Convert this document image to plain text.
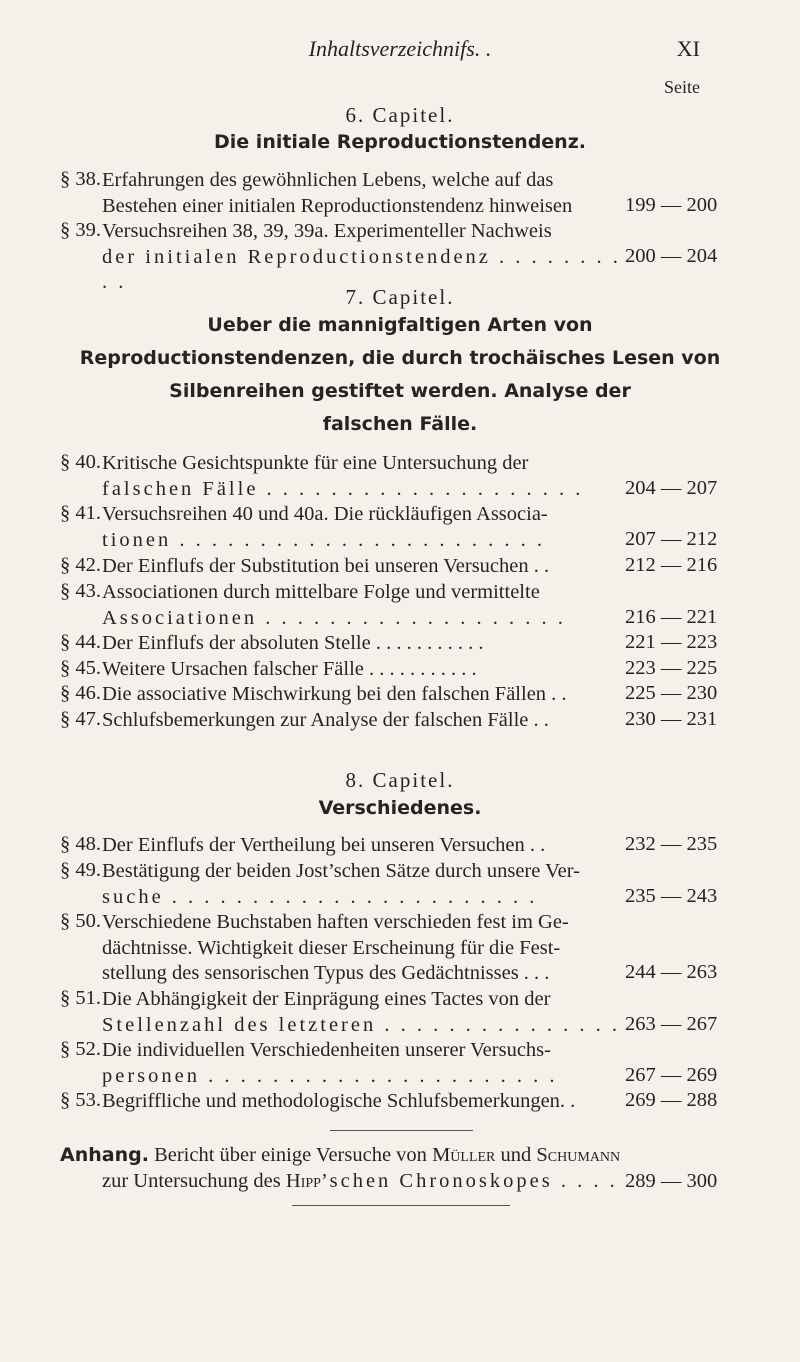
Inhaltsverzeichnifs. .	XI
Seite
6. Capitel.
Die initiale Reproductionstendenz.
§ 38. Erfahrungen des gewöhnlichen Lebens, welche auf das
Bestehen einer initialen Reproductionstendenz hinweisen	199 — 200
§ 39. Versuchsreihen 38, 39, 39a. Experimenteller Nachweis
der initialen Reproductionstendenz . . . . . . . . . .
200 — 204
7. Capitel.
Ueber die mannigfaltigen Arten von
Reproductionstendenzen, die durch trochäisches Lesen von
Silbenreihen gestiftet werden. Analyse der
falschen Fälle.
§ 40. Kritische Gesichtspunkte für eine Untersuchung der
falschen Fälle . . . . . . . . . . . . . . . . . . . .	204 — 207
§ 41. Versuchsreihen 40 und 40a. Die rückläufigen Associa-
tionen . . . . . . . . . . . . . . . . . . . . . . .	207 — 212
§ 42. Der Einflufs der Substitution bei unseren Versuchen . .	212 — 216
§ 43. Associationen durch mittelbare Folge und vermittelte
Associationen . . . . . . . . . . . . . . . . . . .	216 — 221
§ 44. Der Einflufs der absoluten Stelle . . . . . . . . . . .	221 — 223
§ 45. Weitere Ursachen falscher Fälle . . . . . . . . . . .	223 — 225
§ 46. Die associative Mischwirkung bei den falschen Fällen . .	225 — 230
§ 47. Schlufsbemerkungen zur Analyse der falschen Fälle . .	230 — 231
8. Capitel.
Verschiedenes.
§ 48. Der Einflufs der Vertheilung bei unseren Versuchen . .	232 — 235
§ 49. Bestätigung der beiden Jost’schen Sätze durch unsere Ver-
suche . . . . . . . . . . . . . . . . . . . . . . .	235 — 243
§ 50. Verschiedene Buchstaben haften verschieden fest im Ge-
dächtnisse. Wichtigkeit dieser Erscheinung für die Fest-
stellung des sensorischen Typus des Gedächtnisses . . .	244 — 263
§ 51. Die Abhängigkeit der Einprägung eines Tactes von der
Stellenzahl des letzteren . . . . . . . . . . . . . . . 263 — 267
§ 52. Die individuellen Verschiedenheiten unserer Versuchs-
personen . . . . . . . . . . . . . . . . . . . . . .	267 — 269
§ 53. Begriffliche und methodologische Schlufsbemerkungen. .	269 — 288
Anhang. Bericht über einige Versuche von Müller und Schumann
zur Untersuchung des Hipp’schen Chronoskopes . . . . 289 — 300
